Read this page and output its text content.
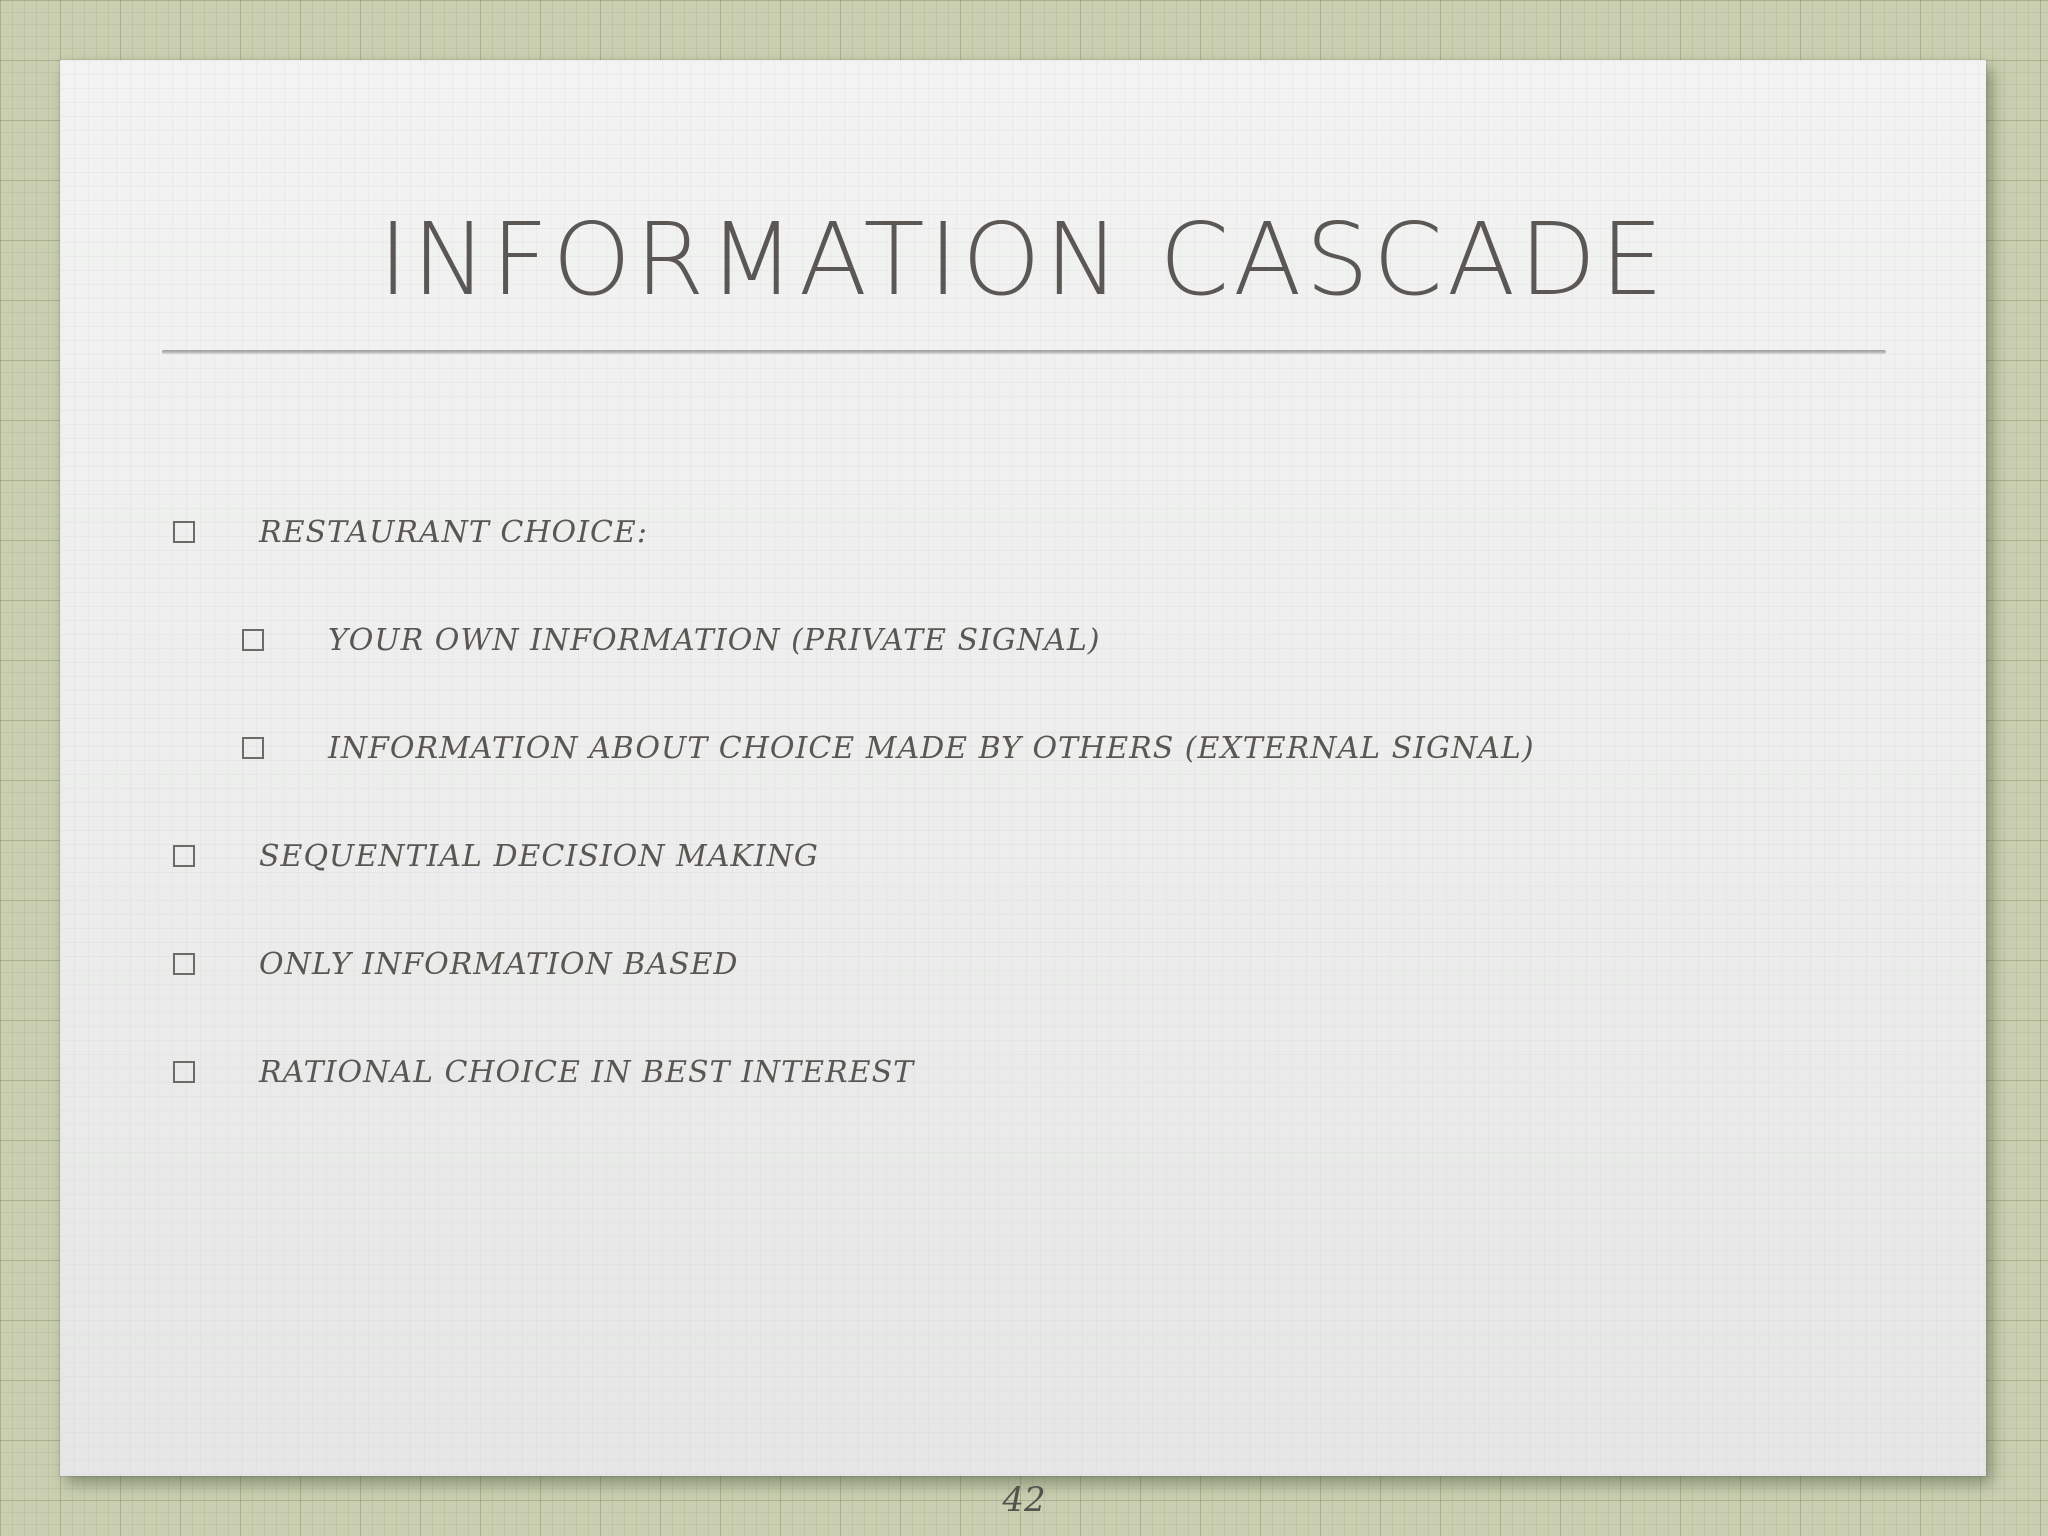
INFORMATION CASCADE
RESTAURANT CHOICE:
YOUR OWN INFORMATION (PRIVATE SIGNAL)
INFORMATION ABOUT CHOICE MADE BY OTHERS (EXTERNAL SIGNAL)
SEQUENTIAL DECISION MAKING
ONLY INFORMATION BASED
RATIONAL CHOICE IN BEST INTEREST
42
